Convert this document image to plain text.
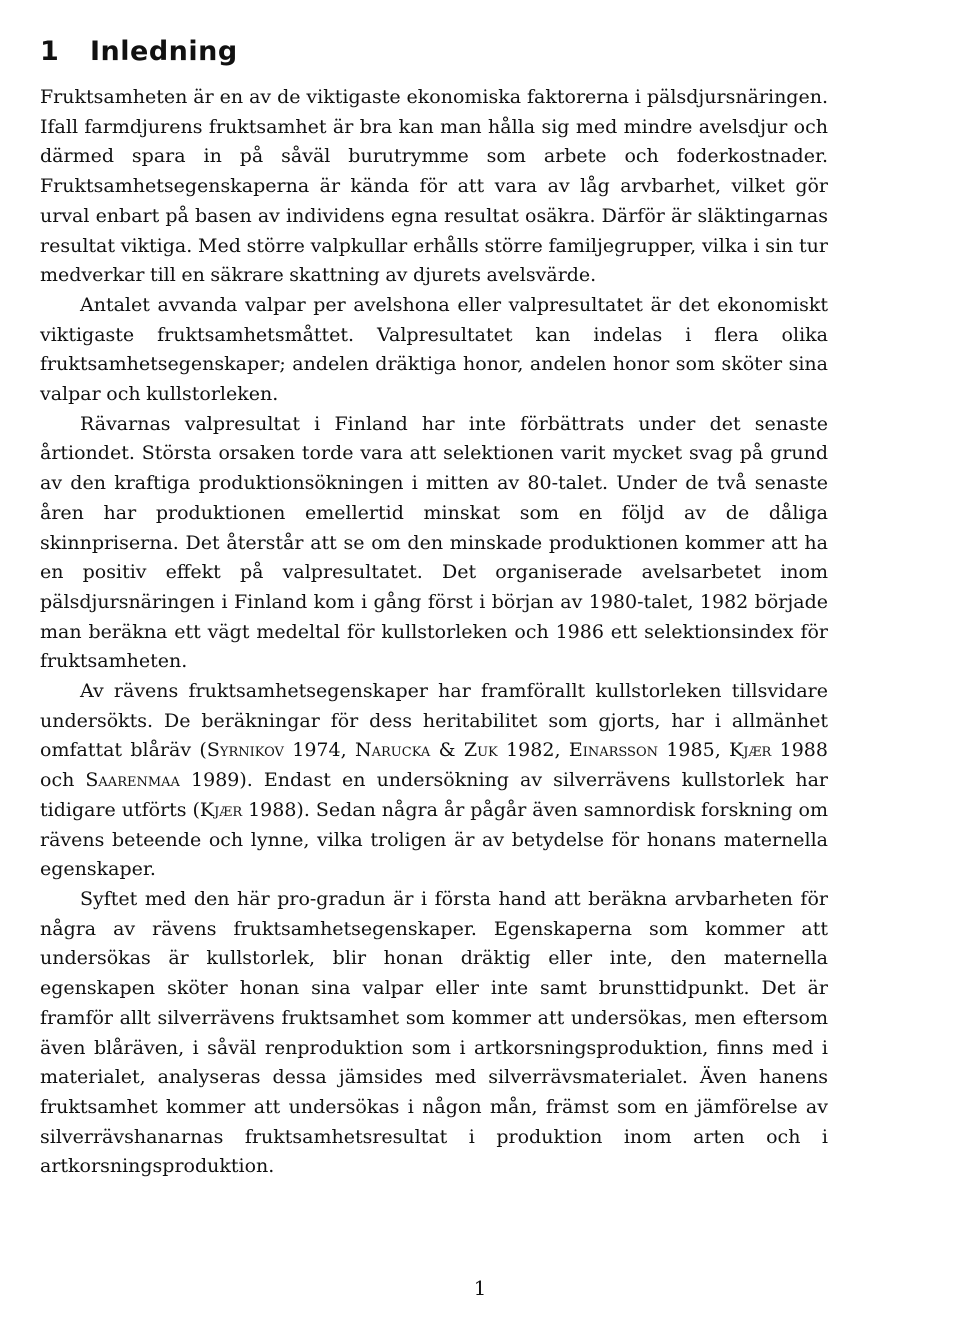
1 Inledning

Fruktsamheten är en av de viktigaste ekonomiska faktorerna i pälsdjursnäringen. Ifall farmdjurens fruktsamhet är bra kan man hålla sig med mindre avelsdjur och därmed spara in på såväl burutrymme som arbete och foderkostnader. Fruktsamhetsegenskaperna är kända för att vara av låg arvbarhet, vilket gör urval enbart på basen av individens egna resultat osäkra. Därför är släktingarnas resultat viktiga. Med större valpkullar erhålls större familjegrupper, vilka i sin tur medverkar till en säkrare skattning av djurets avelsvärde.

Antalet avvanda valpar per avelshona eller valpresultatet är det ekonomiskt viktigaste fruktsamhetsmåttet. Valpresultatet kan indelas i flera olika fruktsamhetsegenskaper; andelen dräktiga honor, andelen honor som sköter sina valpar och kullstorleken.

Rävarnas valpresultat i Finland har inte förbättrats under det senaste årtiondet. Största orsaken torde vara att selektionen varit mycket svag på grund av den kraftiga produktionsökningen i mitten av 80-talet. Under de två senaste åren har produktionen emellertid minskat som en följd av de dåliga skinnpriserna. Det återstår att se om den minskade produktionen kommer att ha en positiv effekt på valpresultatet. Det organiserade avelsarbetet inom pälsdjursnäringen i Finland kom i gång först i början av 1980-talet, 1982 började man beräkna ett vägt medeltal för kullstorleken och 1986 ett selektionsindex för fruktsamheten.

Av rävens fruktsamhetsegenskaper har framförallt kullstorleken tillsvidare undersökts. De beräkningar för dess heritabilitet som gjorts, har i allmänhet omfattat blåräv (Syrnikov 1974, Narucka & Zuk 1982, Einarsson 1985, Kjær 1988 och Saarenmaa 1989). Endast en undersökning av silverrävens kullstorlek har tidigare utförts (Kjær 1988). Sedan några år pågår även samnordisk forskning om rävens beteende och lynne, vilka troligen är av betydelse för honans maternella egenskaper.

Syftet med den här pro-gradun är i första hand att beräkna arvbarheten för några av rävens fruktsamhetsegenskaper. Egenskaperna som kommer att undersökas är kullstorlek, blir honan dräktig eller inte, den maternella egenskapen sköter honan sina valpar eller inte samt brunsttidpunkt. Det är framför allt silverrävens fruktsamhet som kommer att undersökas, men eftersom även blåräven, i såväl renproduktion som i artkorsningsproduktion, finns med i materialet, analyseras dessa jämsides med silverrävsmaterialet. Även hanens fruktsamhet kommer att undersökas i någon mån, främst som en jämförelse av silverrävshanarnas fruktsamhetsresultat i produktion inom arten och i artkorsningsproduktion.

1
